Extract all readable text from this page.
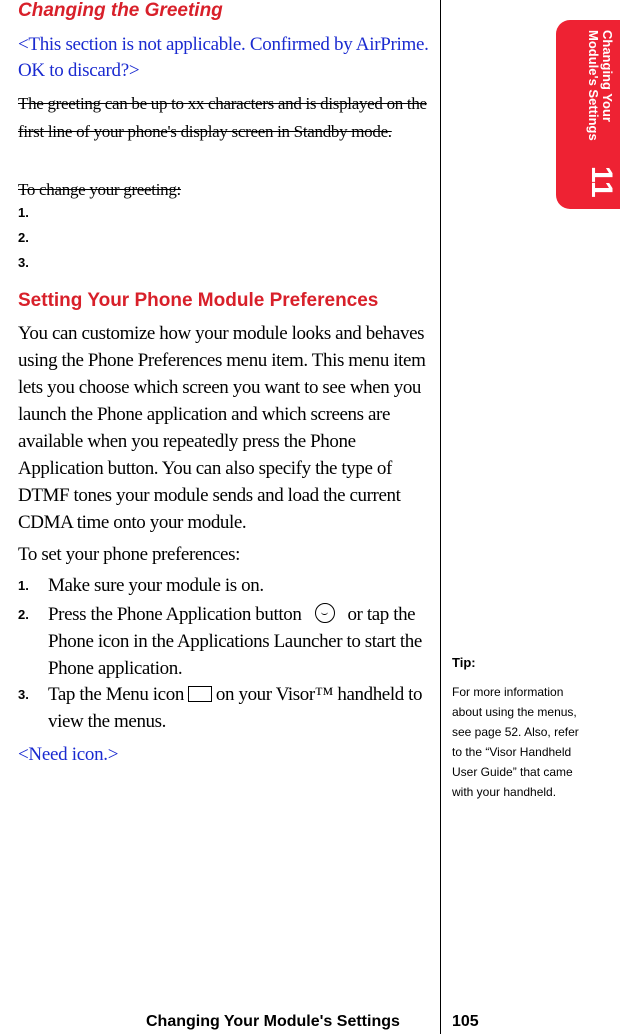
Changing Your
Module's Settings
11
Changing the Greeting
<This section is not applicable. Confirmed by AirPrime. OK to discard?>
The greeting can be up to xx characters and is displayed on the first line of your phone's display screen in Standby mode.
To change your greeting:
1.
2.
3.
Setting Your Phone Module Preferences
You can customize how your module looks and behaves using the Phone Preferences menu item. This menu item lets you choose which screen you want to see when you launch the Phone application and which screens are available when you repeatedly press the Phone Application button. You can also specify the type of DTMF tones your module sends and load the current CDMA time onto your module.
To set your phone preferences:
1. Make sure your module is on.
2. Press the Phone Application button or tap the Phone icon in the Applications Launcher to start the Phone application.
3. Tap the Menu icon on your Visor™ handheld to view the menus.
<Need icon.>
Tip:
For more information about using the menus, see page 52. Also, refer to the “Visor Handheld User Guide” that came with your handheld.
Changing Your Module's Settings	105
